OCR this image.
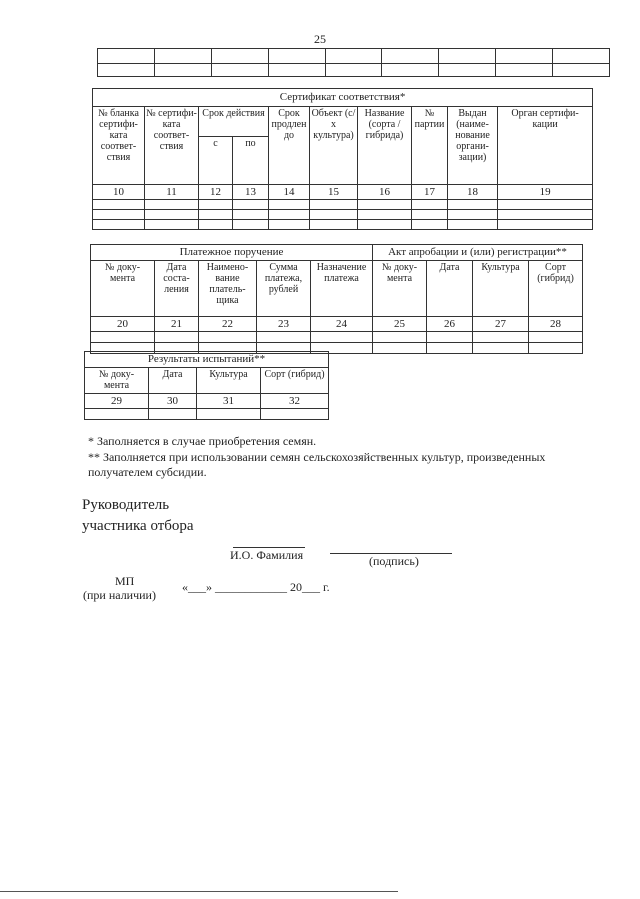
25

Сертификат соответствия*									
№ бланка сертифи- ката соответ- ствия	№ сертифи- ката соответ- ствия	Срок действия		Срок продлен до	Объект (с/х культура)	Название (сорта / гибрида)	№ партии	Выдан (наиме- нование органи- зации)	Орган сертифи- кации
		с	по						
10	11	12	13	14	15	16	17	18	19

Платежное поручение					Акт апробации и (или) регистрации**			
№ доку- мента	Дата соста- ления	Наимено- вание платель- щика	Сумма платежа, рублей	Назначение платежа	№ доку- мента	Дата	Культура	Сорт (гибрид)
20	21	22	23	24	25	26	27	28

Результаты испытаний**			
№ доку- мента	Дата	Культура	Сорт (гибрид)
29	30	31	32

* Заполняется в случае приобретения семян.
** Заполняется при использовании семян сельскохозяйственных культур, произведенных получателем субсидии.
Руководитель
участника отбора
И.О. Фамилия	(подпись)
МП
(при наличии)
«___» ____________ 20___ г.
